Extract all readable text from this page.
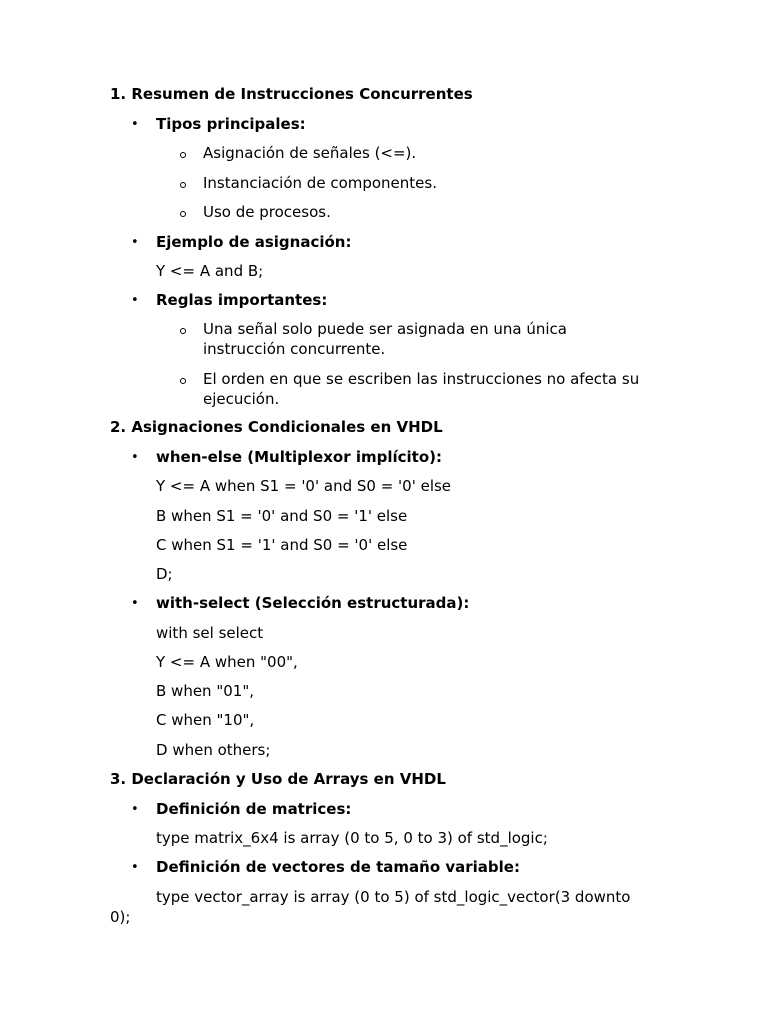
1. Resumen de Instrucciones Concurrentes
• Tipos principales:
Asignación de señales (<=).
Instanciación de componentes.
Uso de procesos.
• Ejemplo de asignación:
Y <= A and B;
• Reglas importantes:
Una señal solo puede ser asignada en una única
instrucción concurrente.
El orden en que se escriben las instrucciones no afecta su
ejecución.
2. Asignaciones Condicionales en VHDL
• when-else (Multiplexor implícito):
Y <= A when S1 = '0' and S0 = '0' else
B when S1 = '0' and S0 = '1' else
C when S1 = '1' and S0 = '0' else
D;
• with-select (Selección estructurada):
with sel select
Y <= A when "00",
B when "01",
C when "10",
D when others;
3. Declaración y Uso de Arrays en VHDL
• Definición de matrices:
type matrix_6x4 is array (0 to 5, 0 to 3) of std_logic;
• Definición de vectores de tamaño variable:
type vector_array is array (0 to 5) of std_logic_vector(3 downto
0);
